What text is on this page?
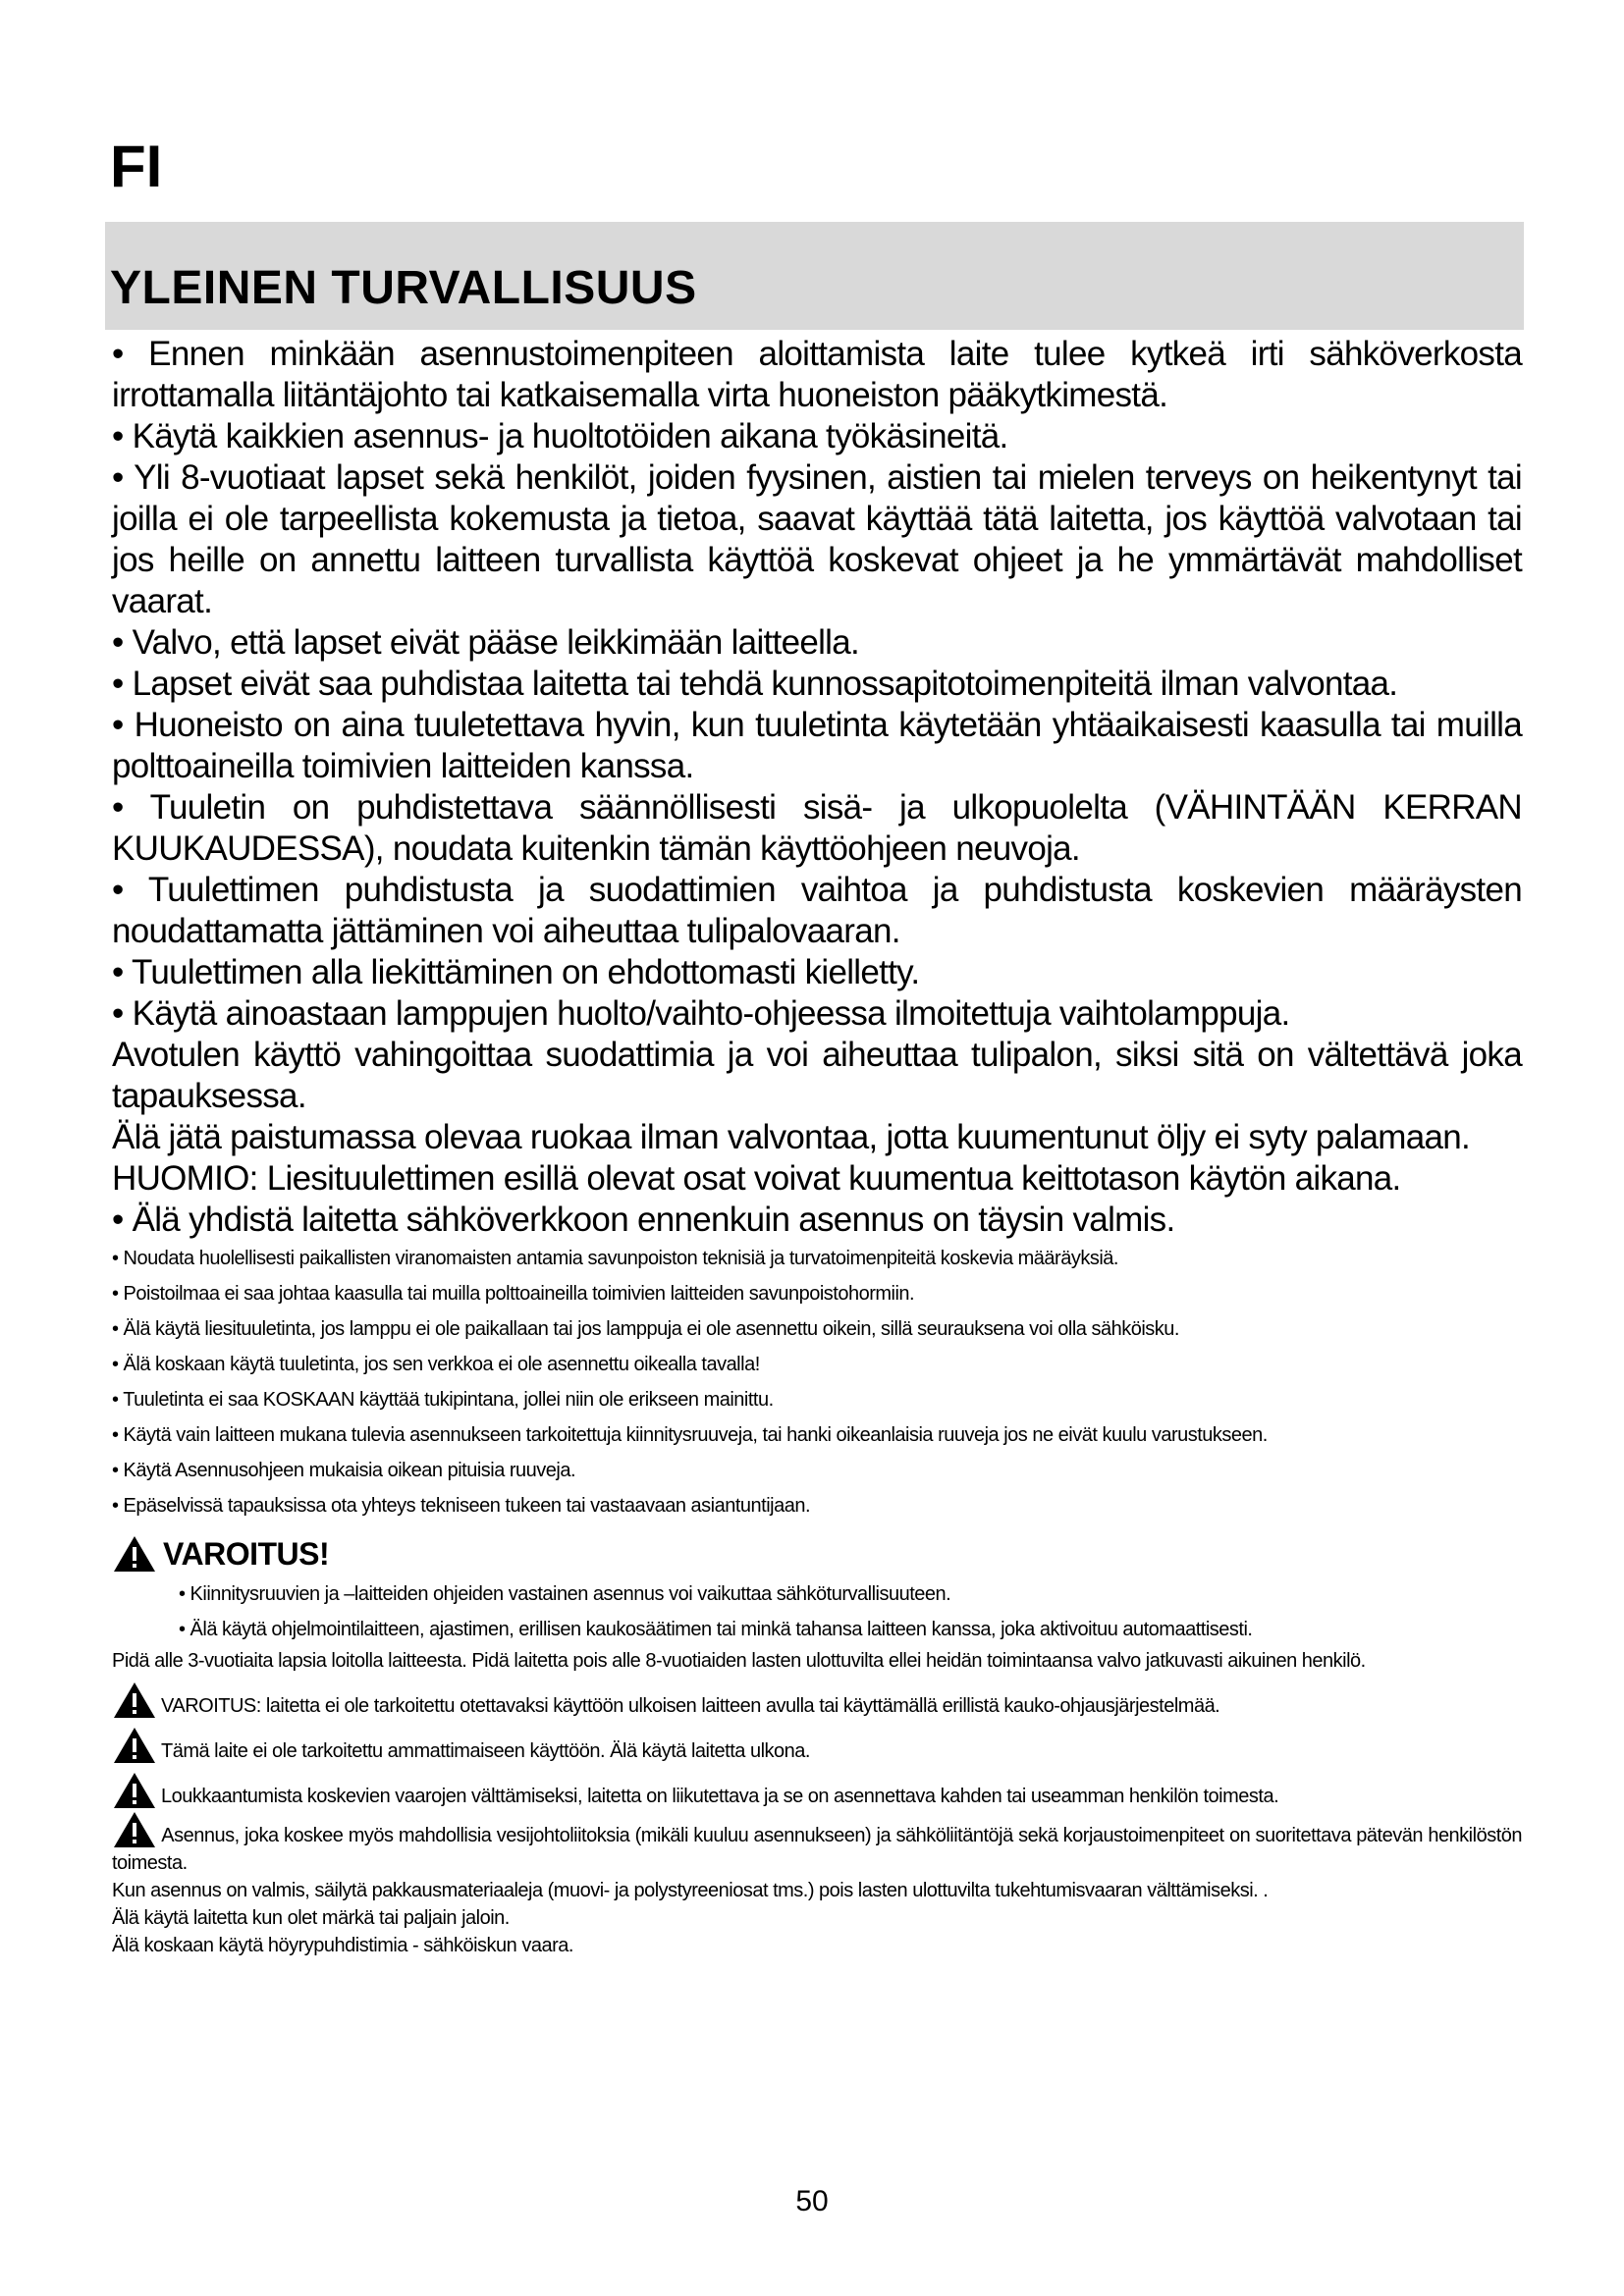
FI
YLEINEN TURVALLISUUS

• Ennen minkään asennustoimenpiteen aloittamista laite tulee kytkeä irti sähköverkosta irrottamalla liitäntäjohto tai katkaisemalla virta huoneiston pääkytkimestä.

• Käytä kaikkien asennus- ja huoltotöiden aikana työkäsineitä.

• Yli 8-vuotiaat lapset sekä henkilöt, joiden fyysinen, aistien tai mielen terveys on heikentynyt tai joilla ei ole tarpeellista kokemusta ja tietoa, saavat käyttää tätä laitetta, jos käyttöä valvotaan tai jos heille on annettu laitteen turvallista käyttöä koskevat ohjeet ja he ymmärtävät mahdolliset vaarat.

• Valvo, että lapset eivät pääse leikkimään laitteella.

• Lapset eivät saa puhdistaa laitetta tai tehdä kunnossapitotoimenpiteitä ilman valvontaa.

• Huoneisto on aina tuuletettava hyvin, kun tuuletinta käytetään yhtäaikaisesti kaasulla tai muilla polttoaineilla toimivien laitteiden kanssa.

• Tuuletin on puhdistettava säännöllisesti sisä- ja ulkopuolelta (VÄHINTÄÄN KERRAN KUUKAUDESSA), noudata kuitenkin tämän käyttöohjeen neuvoja.

• Tuulettimen puhdistusta ja suodattimien vaihtoa ja puhdistusta koskevien määräysten noudattamatta jättäminen voi aiheuttaa tulipalovaaran.

• Tuulettimen alla liekittäminen on ehdottomasti kielletty.

• Käytä ainoastaan lamppujen huolto/vaihto-ohjeessa ilmoitettuja vaihtolamppuja.

Avotulen käyttö vahingoittaa suodattimia ja voi aiheuttaa tulipalon, siksi sitä on vältettävä joka tapauksessa.

Älä jätä paistumassa olevaa ruokaa ilman valvontaa, jotta kuumentunut öljy ei syty palamaan.

HUOMIO: Liesituulettimen esillä olevat osat voivat kuumentua keittotason käytön aikana.

• Älä yhdistä laitetta sähköverkkoon ennenkuin asennus on täysin valmis.

• Noudata huolellisesti paikallisten viranomaisten antamia savunpoiston teknisiä ja turvatoimenpiteitä koskevia määräyksiä.

• Poistoilmaa ei saa johtaa kaasulla tai muilla polttoaineilla toimivien laitteiden savunpoistohormiin.

• Älä käytä liesituuletinta, jos lamppu ei ole paikallaan tai jos lamppuja ei ole asennettu oikein, sillä seurauksena voi olla sähköisku.

• Älä koskaan käytä tuuletinta, jos sen verkkoa ei ole asennettu oikealla tavalla!

• Tuuletinta ei saa KOSKAAN käyttää tukipintana, jollei niin ole erikseen mainittu.

• Käytä vain laitteen mukana tulevia asennukseen tarkoitettuja kiinnitysruuveja, tai hanki oikeanlaisia ruuveja jos ne eivät kuulu varustukseen.

• Käytä Asennusohjeen mukaisia oikean pituisia ruuveja.

• Epäselvissä tapauksissa ota yhteys tekniseen tukeen tai vastaavaan asiantuntijaan.

VAROITUS!

• Kiinnitysruuvien ja –laitteiden ohjeiden vastainen asennus voi vaikuttaa sähköturvallisuuteen.

• Älä käytä ohjelmointilaitteen, ajastimen, erillisen kaukosäätimen tai minkä tahansa laitteen kanssa, joka aktivoituu automaattisesti.

Pidä alle 3-vuotiaita lapsia loitolla laitteesta. Pidä laitetta pois alle 8-vuotiaiden lasten ulottuvilta ellei heidän toimintaansa valvo jatkuvasti aikuinen henkilö.

VAROITUS: laitetta ei ole tarkoitettu otettavaksi käyttöön ulkoisen laitteen avulla tai käyttämällä erillistä kauko-ohjausjärjestelmää.
Tämä laite ei ole tarkoitettu ammattimaiseen käyttöön. Älä käytä laitetta ulkona.
Loukkaantumista koskevien vaarojen välttämiseksi, laitetta on liikutettava ja se on asennettava kahden tai useamman henkilön toimesta.

Asennus, joka koskee myös mahdollisia vesijohtoliitoksia (mikäli kuuluu asennukseen) ja sähköliitäntöjä sekä korjaustoimenpiteet on suoritettava pätevän henkilöstön toimesta.

Kun asennus on valmis, säilytä pakkausmateriaaleja (muovi- ja polystyreeniosat tms.) pois lasten ulottuvilta tukehtumisvaaran välttämiseksi. .

Älä käytä laitetta kun olet märkä tai paljain jaloin.

Älä koskaan käytä höyrypuhdistimia - sähköiskun vaara.

50
